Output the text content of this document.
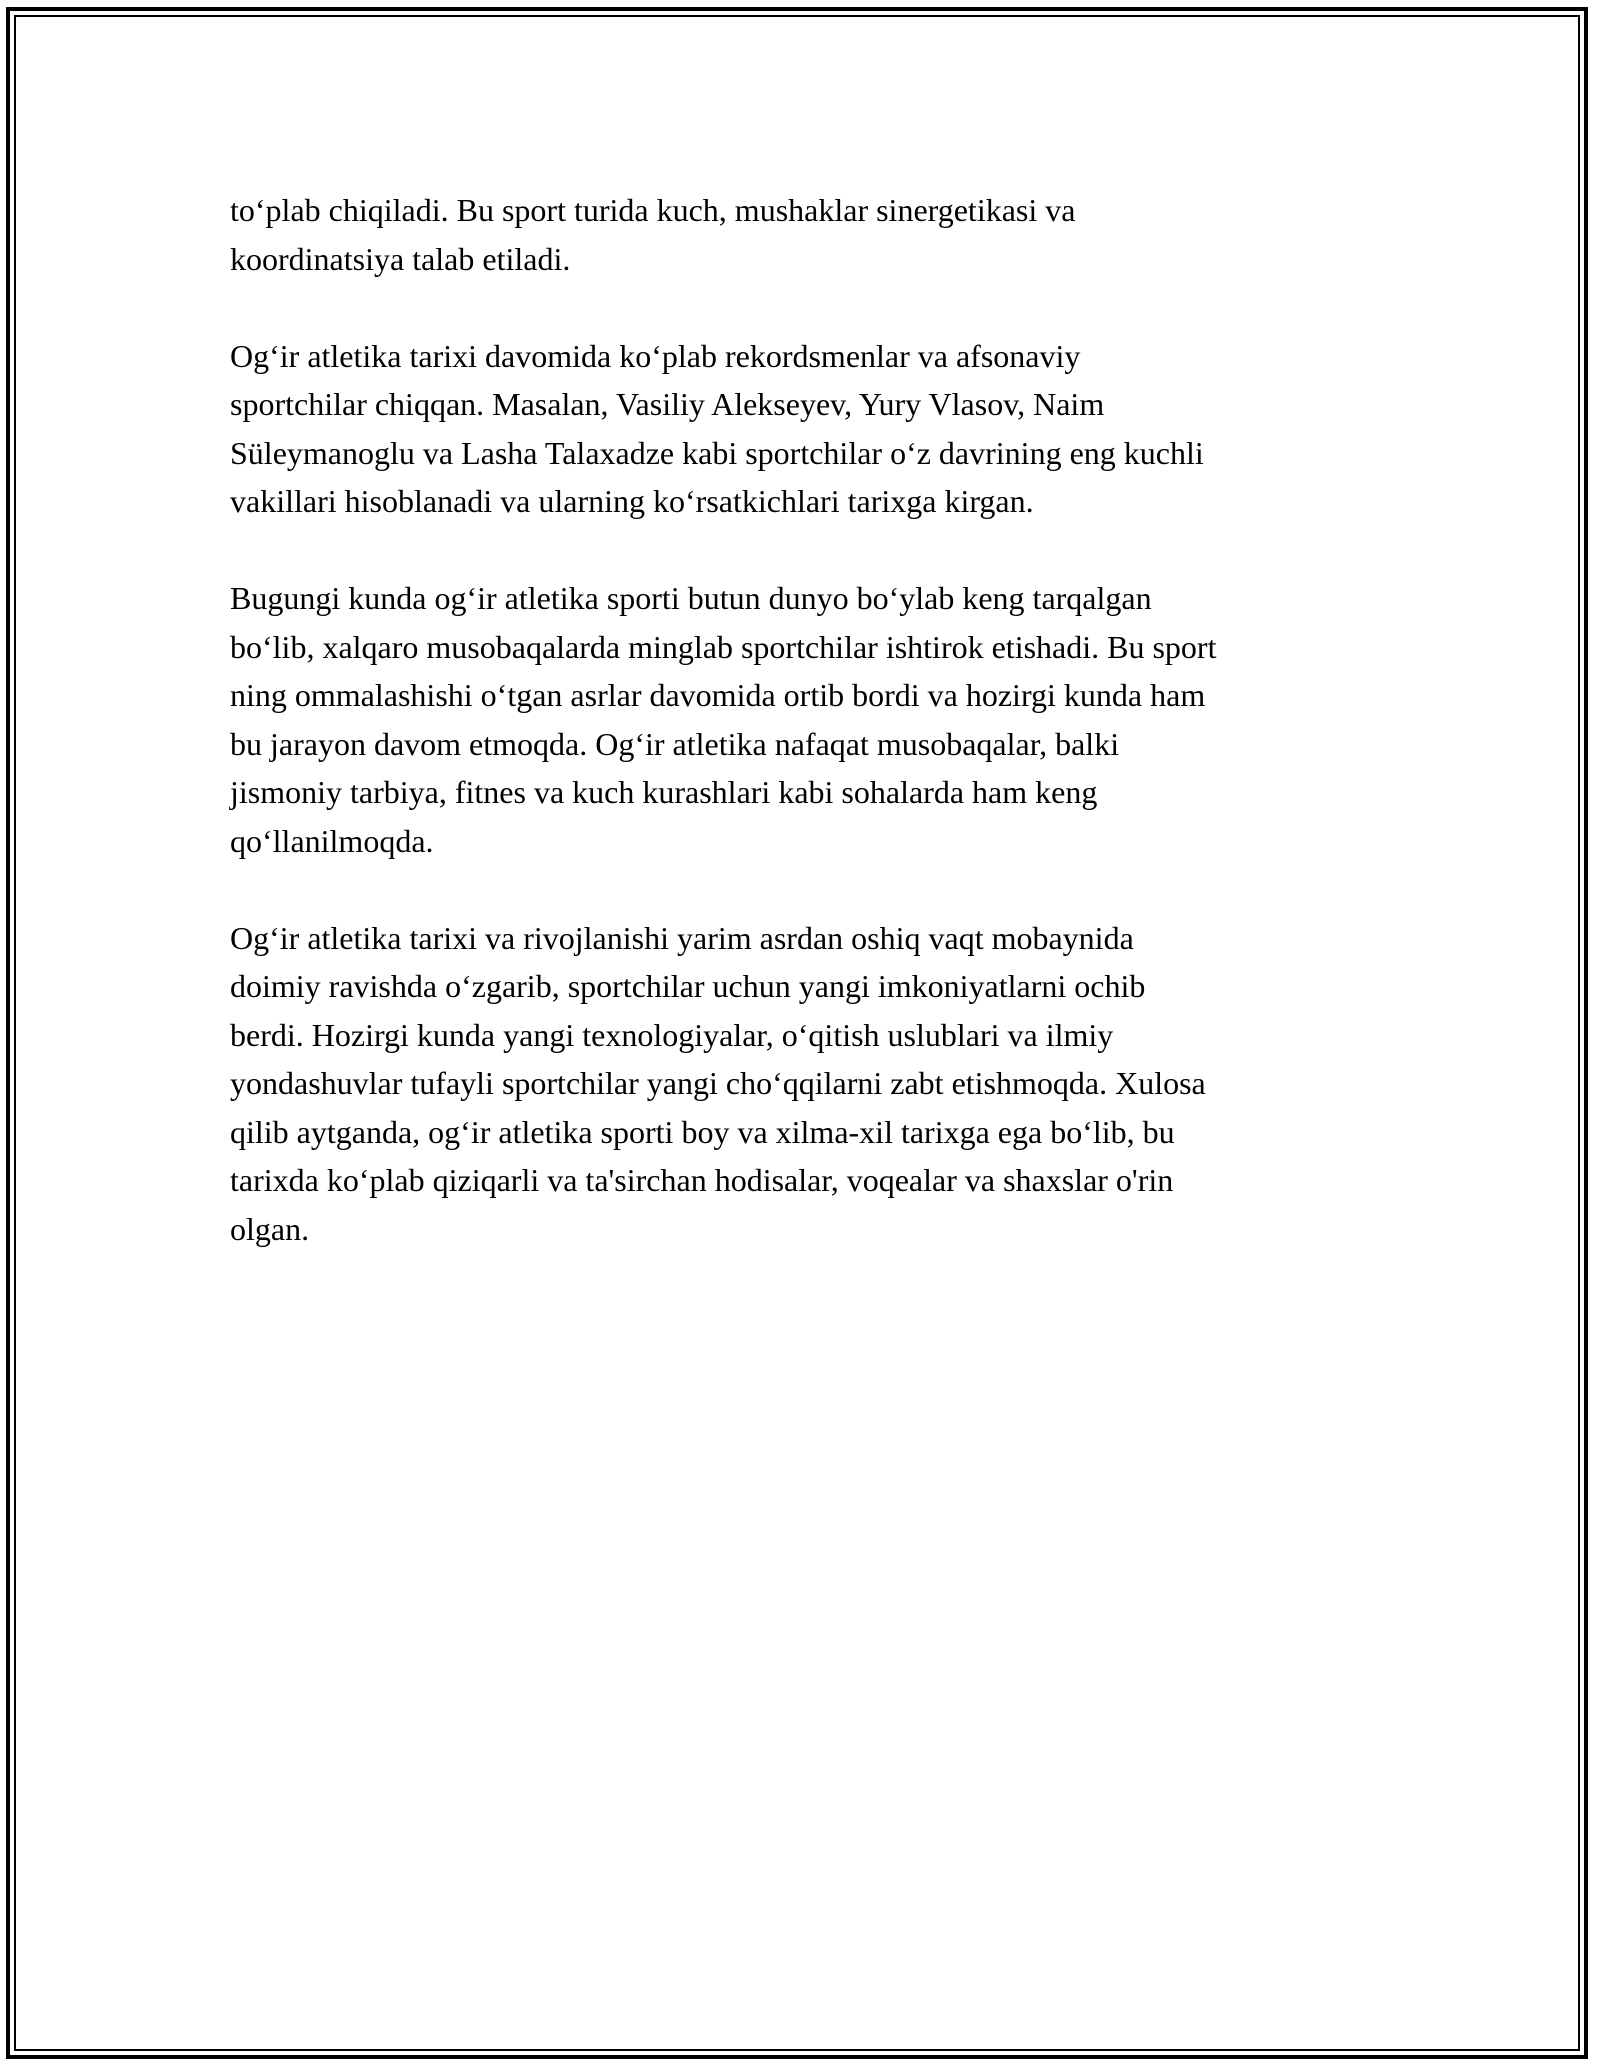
to‘plab chiqiladi. Bu sport turida kuch, mushaklar sinergetikasi va
koordinatsiya talab etiladi.

Og‘ir atletika tarixi davomida ko‘plab rekordsmenlar va afsonaviy
sportchilar chiqqan. Masalan, Vasiliy Alekseyev, Yury Vlasov, Naim
Süleymanoglu va Lasha Talaxadze kabi sportchilar o‘z davrining eng kuchli
vakillari hisoblanadi va ularning ko‘rsatkichlari tarixga kirgan.

Bugungi kunda og‘ir atletika sporti butun dunyo bo‘ylab keng tarqalgan
bo‘lib, xalqaro musobaqalarda minglab sportchilar ishtirok etishadi. Bu sport
ning ommalashishi o‘tgan asrlar davomida ortib bordi va hozirgi kunda ham
bu jarayon davom etmoqda. Og‘ir atletika nafaqat musobaqalar, balki
jismoniy tarbiya, fitnes va kuch kurashlari kabi sohalarda ham keng
qo‘llanilmoqda.

Og‘ir atletika tarixi va rivojlanishi yarim asrdan oshiq vaqt mobaynida
doimiy ravishda o‘zgarib, sportchilar uchun yangi imkoniyatlarni ochib
berdi. Hozirgi kunda yangi texnologiyalar, o‘qitish uslublari va ilmiy
yondashuvlar tufayli sportchilar yangi cho‘qqilarni zabt etishmoqda. Xulosa
qilib aytganda, og‘ir atletika sporti boy va xilma-xil tarixga ega bo‘lib, bu
tarixda ko‘plab qiziqarli va ta'sirchan hodisalar, voqealar va shaxslar o'rin
olgan.
